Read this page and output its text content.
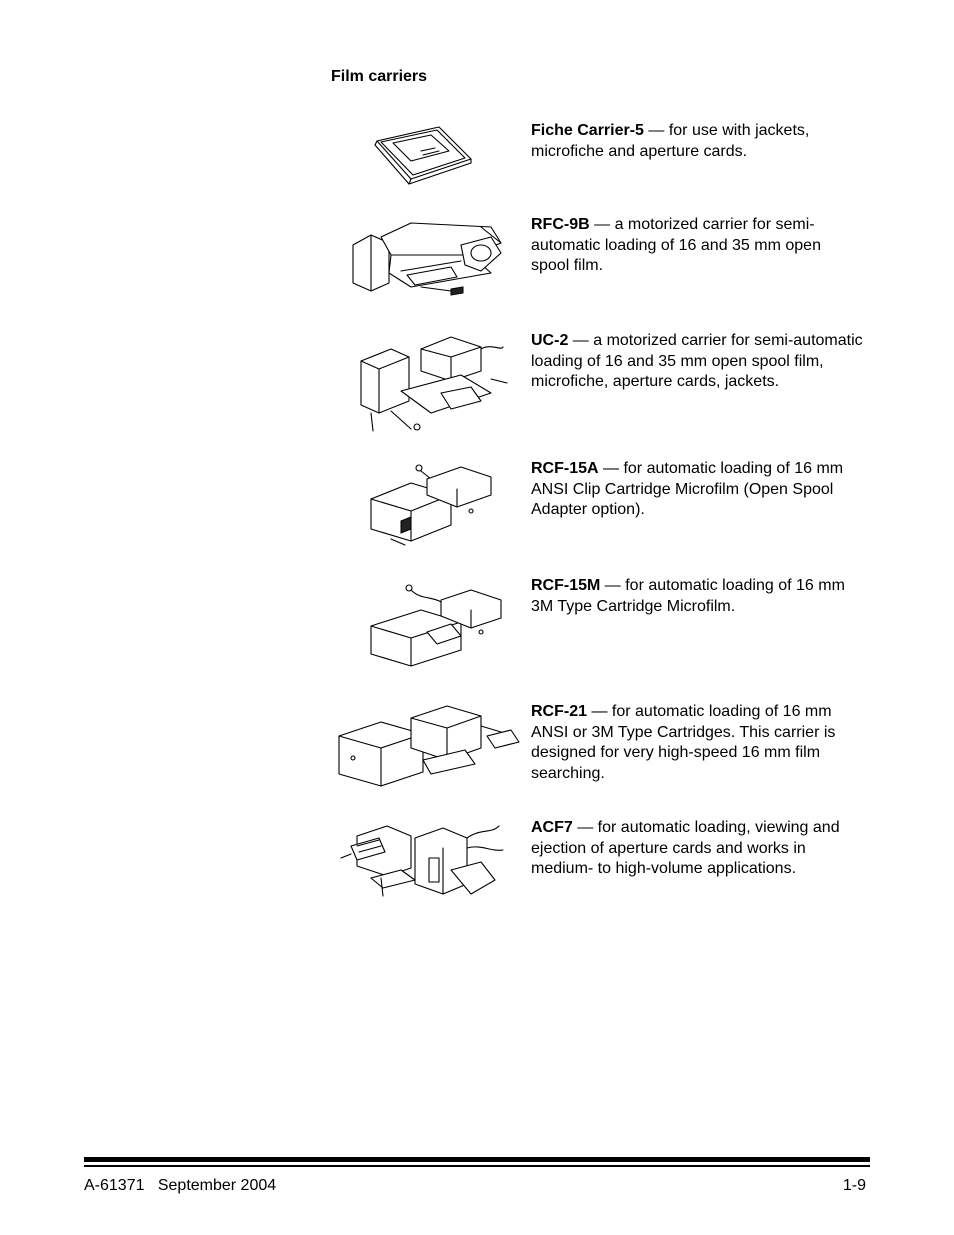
Film carriers
Fiche Carrier-5 — for use with jackets, microfiche and aperture cards.
RFC-9B — a motorized carrier for semi-automatic loading of 16 and 35 mm open spool film.
UC-2 — a motorized carrier for semi-automatic loading of 16 and 35 mm open spool film, microfiche, aperture cards, jackets.
RCF-15A — for automatic loading of 16 mm ANSI Clip Cartridge Microfilm (Open Spool Adapter option).
RCF-15M — for automatic loading of 16 mm 3M Type Cartridge Microfilm.
RCF-21 — for automatic loading of 16 mm ANSI or 3M Type Cartridges. This carrier is designed for very high-speed 16 mm film searching.
ACF7 — for automatic loading, viewing and ejection of aperture cards and works in medium- to high-volume applications.
A-61371 September 2004	1-9
